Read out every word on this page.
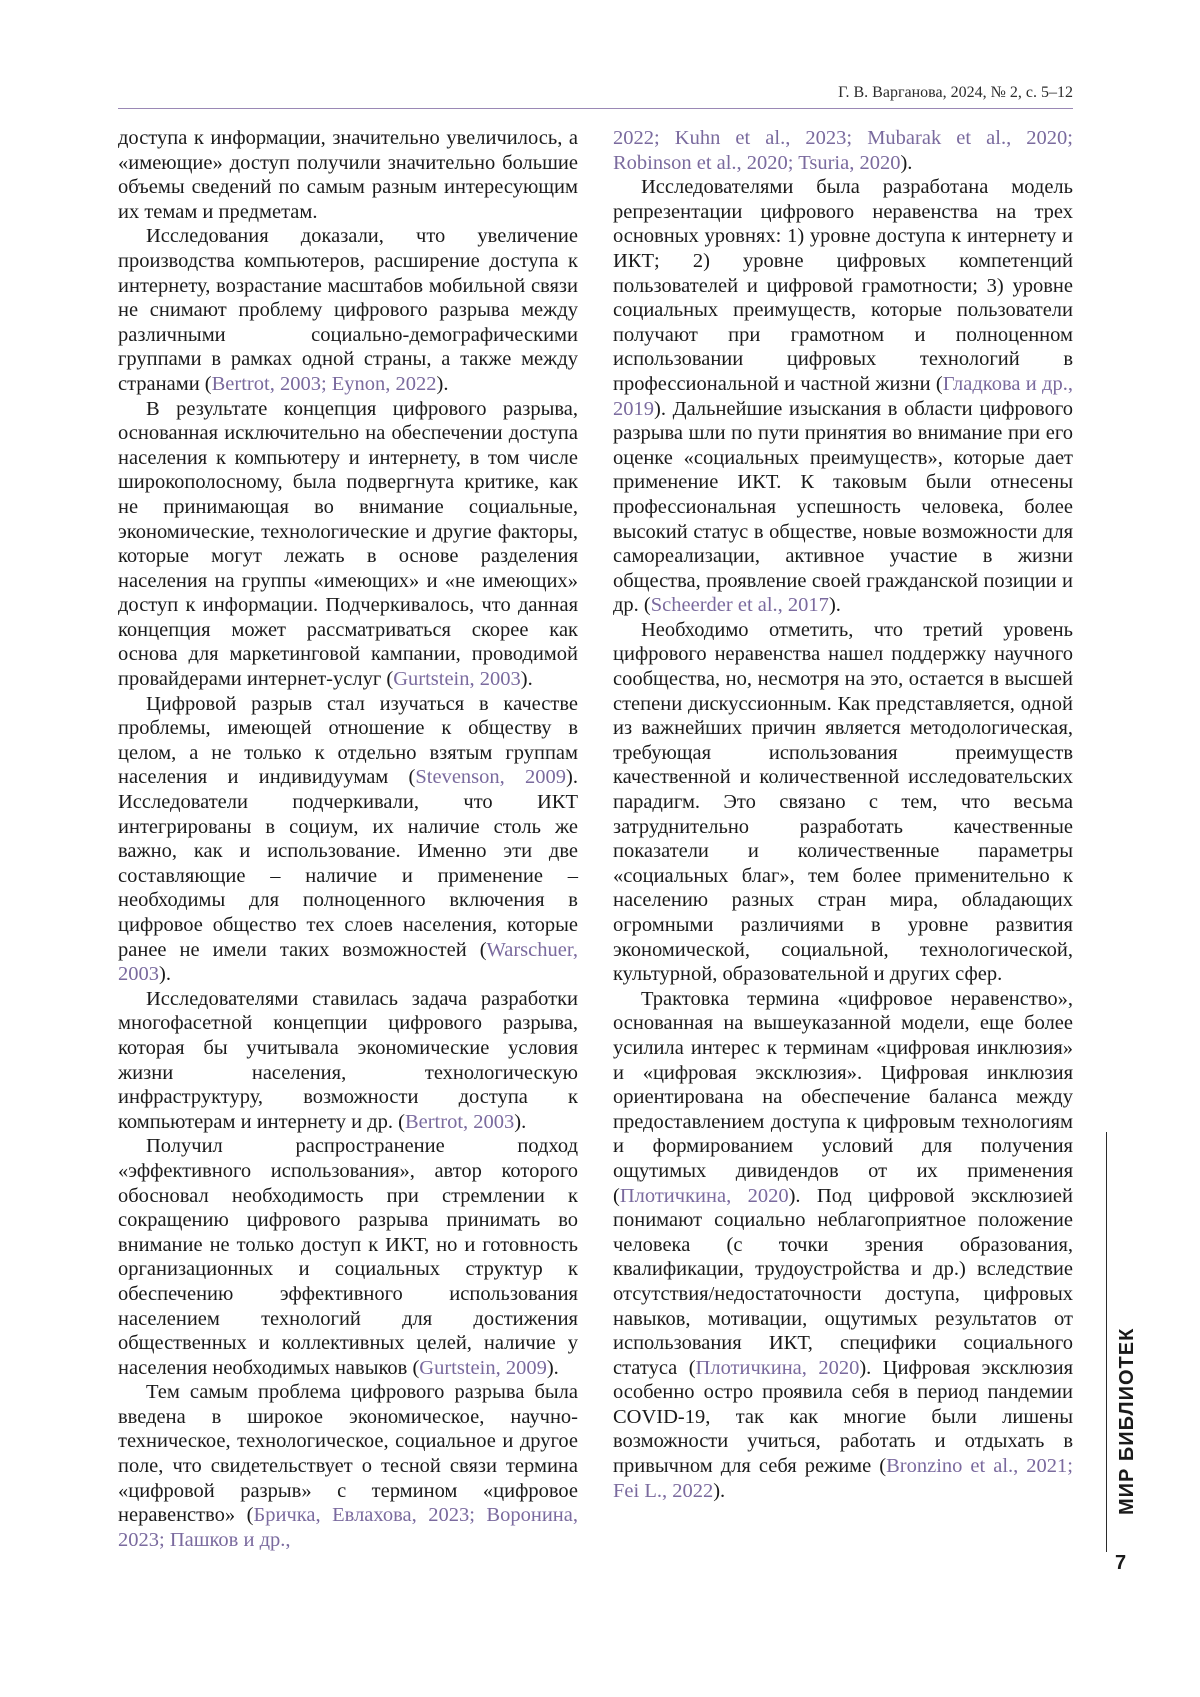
Г. В. Варганова, 2024, № 2, с. 5–12

доступа к информации, значительно увеличилось, а «имеющие» доступ получили значительно большие объемы сведений по самым разным интересующим их темам и предметам.

Исследования доказали, что увеличение производства компьютеров, расширение доступа к интернету, возрастание масштабов мобильной связи не снимают проблему цифрового разрыва между различными социально-демографическими группами в рамках одной страны, а также между странами (Bertrot, 2003; Eynon, 2022).

В результате концепция цифрового разрыва, основанная исключительно на обеспечении доступа населения к компьютеру и интернету, в том числе широкополосному, была подвергнута критике, как не принимающая во внимание социальные, экономические, технологические и другие факторы, которые могут лежать в основе разделения населения на группы «имеющих» и «не имеющих» доступ к информации. Подчеркивалось, что данная концепция может рассматриваться скорее как основа для маркетинговой кампании, проводимой провайдерами интернет-услуг (Gurtstein, 2003).

Цифровой разрыв стал изучаться в качестве проблемы, имеющей отношение к обществу в целом, а не только к отдельно взятым группам населения и индивидуумам (Stevenson, 2009). Исследователи подчеркивали, что ИКТ интегрированы в социум, их наличие столь же важно, как и использование. Именно эти две составляющие – наличие и применение – необходимы для полноценного включения в цифровое общество тех слоев населения, которые ранее не имели таких возможностей (Warschuer, 2003).

Исследователями ставилась задача разработки многофасетной концепции цифрового разрыва, которая бы учитывала экономические условия жизни населения, технологическую инфраструктуру, возможности доступа к компьютерам и интернету и др. (Bertrot, 2003).

Получил распространение подход «эффективного использования», автор которого обосновал необходимость при стремлении к сокращению цифрового разрыва принимать во внимание не только доступ к ИКТ, но и готовность организационных и социальных структур к обеспечению эффективного использования населением технологий для достижения общественных и коллективных целей, наличие у населения необходимых навыков (Gurtstein, 2009).

Тем самым проблема цифрового разрыва была введена в широкое экономическое, научно-техническое, технологическое, социальное и другое поле, что свидетельствует о тесной связи термина «цифровой разрыв» с термином «цифровое неравенство» (Бричка, Евлахова, 2023; Воронина, 2023; Пашков и др.,

2022; Kuhn et al., 2023; Mubarak et al., 2020; Robinson et al., 2020; Tsuria, 2020).

Исследователями была разработана модель репрезентации цифрового неравенства на трех основных уровнях: 1) уровне доступа к интернету и ИКТ; 2) уровне цифровых компетенций пользователей и цифровой грамотности; 3) уровне социальных преимуществ, которые пользователи получают при грамотном и полноценном использовании цифровых технологий в профессиональной и частной жизни (Гладкова и др., 2019). Дальнейшие изыскания в области цифрового разрыва шли по пути принятия во внимание при его оценке «социальных преимуществ», которые дает применение ИКТ. К таковым были отнесены профессиональная успешность человека, более высокий статус в обществе, новые возможности для самореализации, активное участие в жизни общества, проявление своей гражданской позиции и др. (Scheerder et al., 2017).

Необходимо отметить, что третий уровень цифрового неравенства нашел поддержку научного сообщества, но, несмотря на это, остается в высшей степени дискуссионным. Как представляется, одной из важнейших причин является методологическая, требующая использования преимуществ качественной и количественной исследовательских парадигм. Это связано с тем, что весьма затруднительно разработать качественные показатели и количественные параметры «социальных благ», тем более применительно к населению разных стран мира, обладающих огромными различиями в уровне развития экономической, социальной, технологической, культурной, образовательной и других сфер.

Трактовка термина «цифровое неравенство», основанная на вышеуказанной модели, еще более усилила интерес к терминам «цифровая инклюзия» и «цифровая эксклюзия». Цифровая инклюзия ориентирована на обеспечение баланса между предоставлением доступа к цифровым технологиям и формированием условий для получения ощутимых дивидендов от их применения (Плотичкина, 2020). Под цифровой эксклюзией понимают социально неблагоприятное положение человека (с точки зрения образования, квалификации, трудоустройства и др.) вследствие отсутствия/недостаточности доступа, цифровых навыков, мотивации, ощутимых результатов от использования ИКТ, специфики социального статуса (Плотичкина, 2020). Цифровая эксклюзия особенно остро проявила себя в период пандемии COVID-19, так как многие были лишены возможности учиться, работать и отдыхать в привычном для себя режиме (Bronzino et al., 2021; Fei L., 2022).	МИР БИБЛИОТЕК
7
